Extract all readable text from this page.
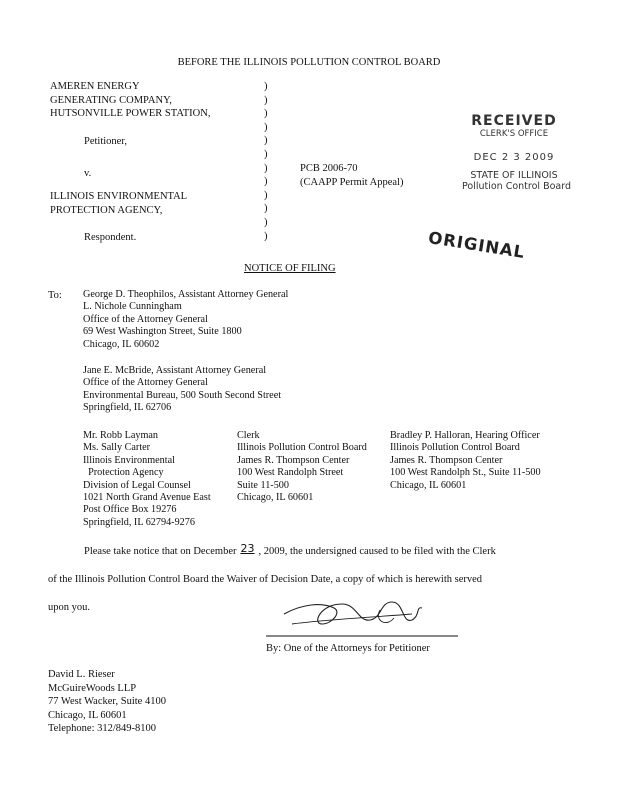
BEFORE THE ILLINOIS POLLUTION CONTROL BOARD
AMEREN ENERGY
GENERATING COMPANY,
HUTSONVILLE POWER STATION,
Petitioner,
v.
ILLINOIS ENVIRONMENTAL
PROTECTION AGENCY,
Respondent.
)
)
)
)
)
)
)
)
)
)
)
)
PCB 2006-70
(CAAPP Permit Appeal)
RECEIVED
CLERK'S OFFICE
DEC 2 3 2009
STATE OF ILLINOIS
Pollution Control Board
ORIGINAL
NOTICE OF FILING
To: George D. Theophilos, Assistant Attorney General
L. Nichole Cunningham
Office of the Attorney General
69 West Washington Street, Suite 1800
Chicago, IL 60602
Jane E. McBride, Assistant Attorney General
Office of the Attorney General
Environmental Bureau, 500 South Second Street
Springfield, IL 62706
Mr. Robb Layman
Ms. Sally Carter
Illinois Environmental
Protection Agency
Division of Legal Counsel
1021 North Grand Avenue East
Post Office Box 19276
Springfield, IL 62794-9276
Clerk
Illinois Pollution Control Board
James R. Thompson Center
100 West Randolph Street
Suite 11-500
Chicago, IL 60601
Bradley P. Halloran, Hearing Officer
Illinois Pollution Control Board
James R. Thompson Center
100 West Randolph St., Suite 11-500
Chicago, IL 60601
Please take notice that on December 23 , 2009, the undersigned caused to be filed with the Clerk
of the Illinois Pollution Control Board the Waiver of Decision Date, a copy of which is herewith served
upon you.
By: One of the Attorneys for Petitioner
David L. Rieser
McGuireWoods LLP
77 West Wacker, Suite 4100
Chicago, IL 60601
Telephone: 312/849-8100
